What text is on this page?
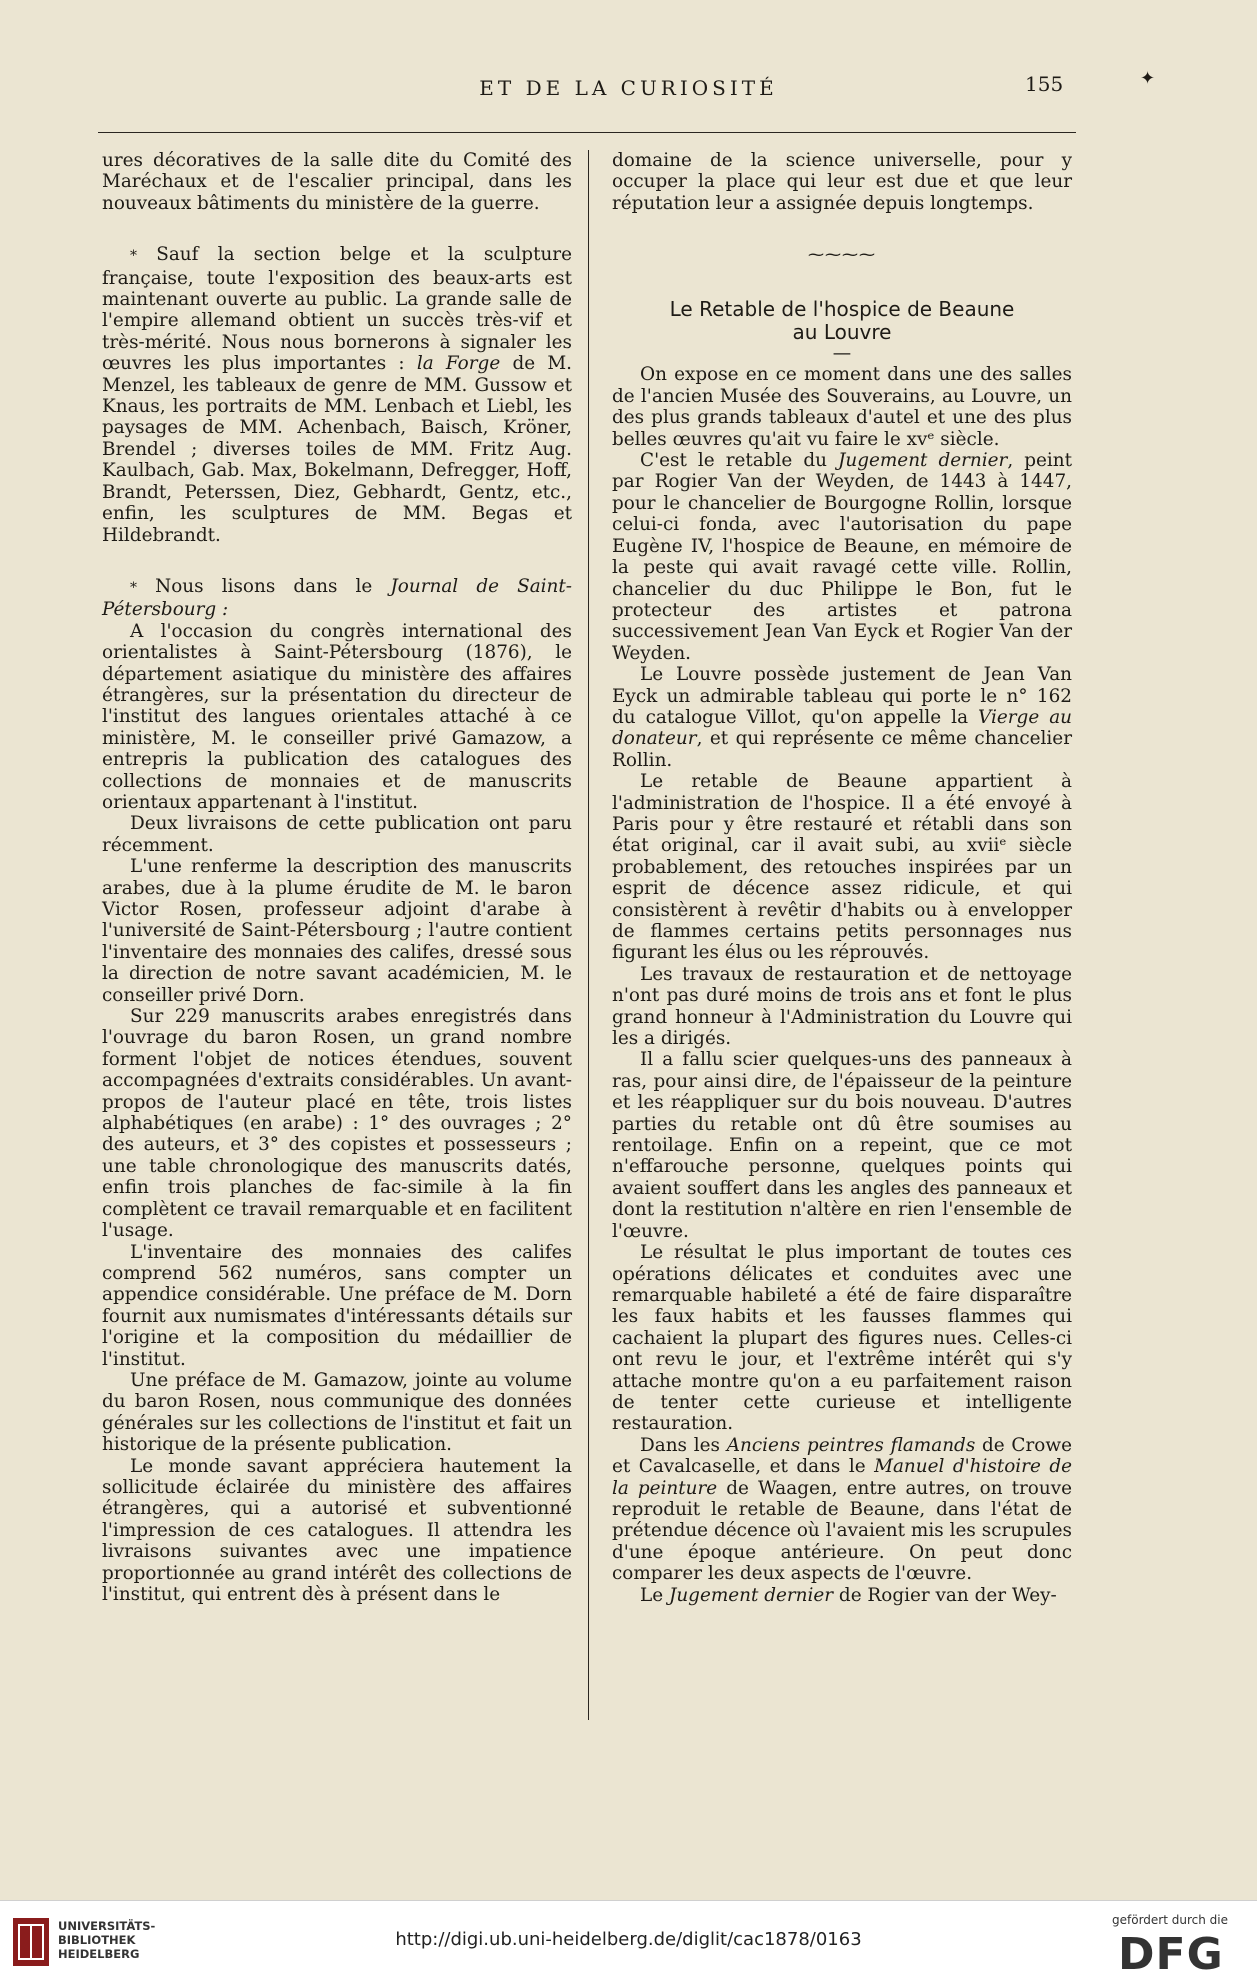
ET DE LA CURIOSITÉ	155	✦

ures décoratives de la salle dite du Comité des Maréchaux et de l'escalier principal, dans les nouveaux bâtiments du ministère de la guerre.

* Sauf la section belge et la sculpture française, toute l'exposition des beaux-arts est maintenant ouverte au public. La grande salle de l'empire allemand obtient un succès très-vif et très-mérité. Nous nous bornerons à signaler les œuvres les plus importantes : la Forge de M. Menzel, les tableaux de genre de MM. Gussow et Knaus, les portraits de MM. Lenbach et Liebl, les paysages de MM. Achenbach, Baisch, Kröner, Brendel ; diverses toiles de MM. Fritz Aug. Kaulbach, Gab. Max, Bokelmann, Defregger, Hoff, Brandt, Peterssen, Diez, Gebhardt, Gentz, etc., enfin, les sculptures de MM. Begas et Hildebrandt.

* Nous lisons dans le Journal de Saint-Pétersbourg :

A l'occasion du congrès international des orientalistes à Saint-Pétersbourg (1876), le département asiatique du ministère des affaires étrangères, sur la présentation du directeur de l'institut des langues orientales attaché à ce ministère, M. le conseiller privé Gamazow, a entrepris la publication des catalogues des collections de monnaies et de manuscrits orientaux appartenant à l'institut.

Deux livraisons de cette publication ont paru récemment.

L'une renferme la description des manuscrits arabes, due à la plume érudite de M. le baron Victor Rosen, professeur adjoint d'arabe à l'université de Saint-Pétersbourg ; l'autre contient l'inventaire des monnaies des califes, dressé sous la direction de notre savant académicien, M. le conseiller privé Dorn.

Sur 229 manuscrits arabes enregistrés dans l'ouvrage du baron Rosen, un grand nombre forment l'objet de notices étendues, souvent accompagnées d'extraits considérables. Un avant-propos de l'auteur placé en tête, trois listes alphabétiques (en arabe) : 1° des ouvrages ; 2° des auteurs, et 3° des copistes et possesseurs ; une table chronologique des manuscrits datés, enfin trois planches de fac-simile à la fin complètent ce travail remarquable et en facilitent l'usage.

L'inventaire des monnaies des califes comprend 562 numéros, sans compter un appendice considérable. Une préface de M. Dorn fournit aux numismates d'intéressants détails sur l'origine et la composition du médaillier de l'institut.

Une préface de M. Gamazow, jointe au volume du baron Rosen, nous communique des données générales sur les collections de l'institut et fait un historique de la présente publication.

Le monde savant appréciera hautement la sollicitude éclairée du ministère des affaires étrangères, qui a autorisé et subventionné l'impression de ces catalogues. Il attendra les livraisons suivantes avec une impatience proportionnée au grand intérêt des collections de l'institut, qui entrent dès à présent dans le

domaine de la science universelle, pour y occuper la place qui leur est due et que leur réputation leur a assignée depuis longtemps.

⁓⁓⁓⁓

Le Retable de l'hospice de Beaune

au Louvre

—

On expose en ce moment dans une des salles de l'ancien Musée des Souverains, au Louvre, un des plus grands tableaux d'autel et une des plus belles œuvres qu'ait vu faire le xvᵉ siècle.

C'est le retable du Jugement dernier, peint par Rogier Van der Weyden, de 1443 à 1447, pour le chancelier de Bourgogne Rollin, lorsque celui-ci fonda, avec l'autorisation du pape Eugène IV, l'hospice de Beaune, en mémoire de la peste qui avait ravagé cette ville. Rollin, chancelier du duc Philippe le Bon, fut le protecteur des artistes et patrona successivement Jean Van Eyck et Rogier Van der Weyden.

Le Louvre possède justement de Jean Van Eyck un admirable tableau qui porte le n° 162 du catalogue Villot, qu'on appelle la Vierge au donateur, et qui représente ce même chancelier Rollin.

Le retable de Beaune appartient à l'administration de l'hospice. Il a été envoyé à Paris pour y être restauré et rétabli dans son état original, car il avait subi, au xviiᵉ siècle probablement, des retouches inspirées par un esprit de décence assez ridicule, et qui consistèrent à revêtir d'habits ou à envelopper de flammes certains petits personnages nus figurant les élus ou les réprouvés.

Les travaux de restauration et de nettoyage n'ont pas duré moins de trois ans et font le plus grand honneur à l'Administration du Louvre qui les a dirigés.

Il a fallu scier quelques-uns des panneaux à ras, pour ainsi dire, de l'épaisseur de la peinture et les réappliquer sur du bois nouveau. D'autres parties du retable ont dû être soumises au rentoilage. Enfin on a repeint, que ce mot n'effarouche personne, quelques points qui avaient souffert dans les angles des panneaux et dont la restitution n'altère en rien l'ensemble de l'œuvre.

Le résultat le plus important de toutes ces opérations délicates et conduites avec une remarquable habileté a été de faire disparaître les faux habits et les fausses flammes qui cachaient la plupart des figures nues. Celles-ci ont revu le jour, et l'extrême intérêt qui s'y attache montre qu'on a eu parfaitement raison de tenter cette curieuse et intelligente restauration.

Dans les Anciens peintres flamands de Crowe et Cavalcaselle, et dans le Manuel d'histoire de la peinture de Waagen, entre autres, on trouve reproduit le retable de Beaune, dans l'état de prétendue décence où l'avaient mis les scrupules d'une époque antérieure. On peut donc comparer les deux aspects de l'œuvre.

Le Jugement dernier de Rogier van der Wey-

UNIVERSITÄTS-
BIBLIOTHEK
HEIDELBERG
http://digi.ub.uni-heidelberg.de/diglit/cac1878/0163
gefördert durch die
DFG
